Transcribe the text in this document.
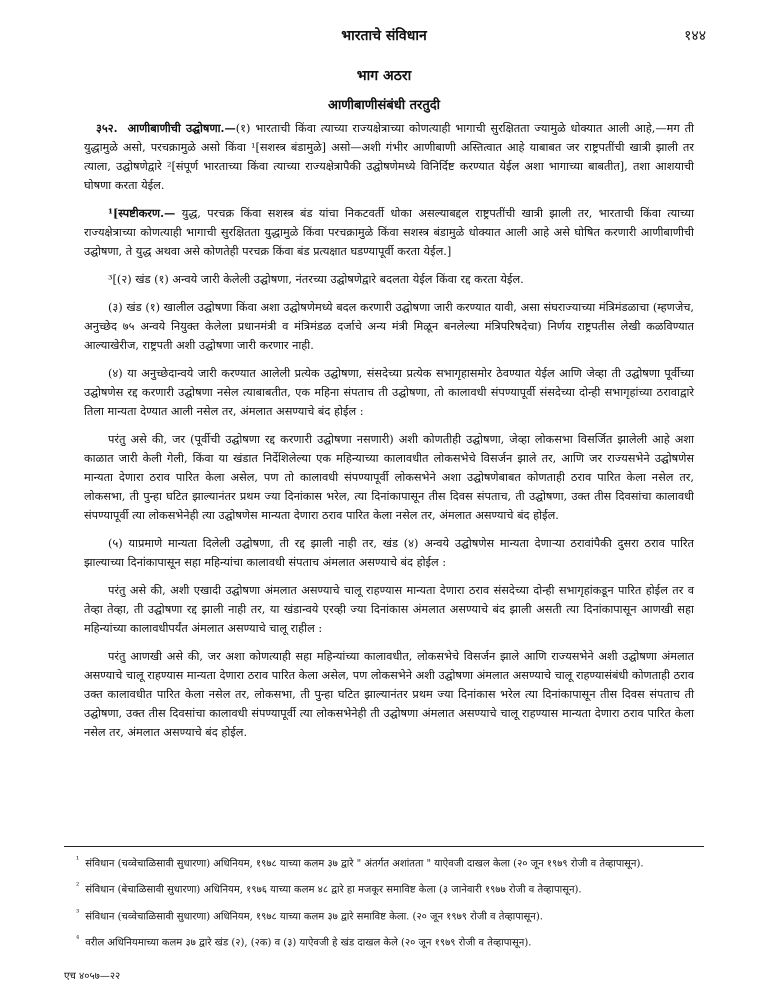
भारताचे संविधान	१४४
भाग अठरा
आणीबाणीसंबंधी तरतुदी

३५२. आणीबाणीची उद्घोषणा.—(१) भारताची किंवा त्याच्या राज्यक्षेत्राच्या कोणत्याही भागाची सुरक्षितता ज्यामुळे धोक्यात आली आहे,—मग ती युद्धामुळे असो, परचक्रामुळे असो किंवा ¹[सशस्त्र बंडामुळे] असो—अशी गंभीर आणीबाणी अस्तित्वात आहे याबाबत जर राष्ट्रपतींची खात्री झाली तर त्याला, उद्घोषणेद्वारे ²[संपूर्ण भारताच्या किंवा त्याच्या राज्यक्षेत्रापैकी उद्घोषणेमध्ये विनिर्दिष्ट करण्यात येईल अशा भागाच्या बाबतीत], तशा आशयाची घोषणा करता येईल.

¹[स्पष्टीकरण.— युद्ध, परचक्र किंवा सशस्त्र बंड यांचा निकटवर्ती धोका असल्याबद्दल राष्ट्रपतींची खात्री झाली तर, भारताची किंवा त्याच्या राज्यक्षेत्राच्या कोणत्याही भागाची सुरक्षितता युद्धामुळे किंवा परचक्रामुळे किंवा सशस्त्र बंडामुळे धोक्यात आली आहे असे घोषित करणारी आणीबाणीची उद्घोषणा, ते युद्ध अथवा असे कोणतेही परचक्र किंवा बंड प्रत्यक्षात घडण्यापूर्वी करता येईल.]

³[(२) खंड (१) अन्वये जारी केलेली उद्घोषणा, नंतरच्या उद्घोषणेद्वारे बदलता येईल किंवा रद्द करता येईल.

(३) खंड (१) खालील उद्घोषणा किंवा अशा उद्घोषणेमध्ये बदल करणारी उद्घोषणा जारी करण्यात यावी, असा संघराज्याच्या मंत्रिमंडळाचा (म्हणजेच, अनुच्छेद ७५ अन्वये नियुक्त केलेला प्रधानमंत्री व मंत्रिमंडळ दर्जाचे अन्य मंत्री मिळून बनलेल्या मंत्रिपरिषदेचा) निर्णय राष्ट्रपतीस लेखी कळविण्यात आल्याखेरीज, राष्ट्रपती अशी उद्घोषणा जारी करणार नाही.

(४) या अनुच्छेदान्वये जारी करण्यात आलेली प्रत्येक उद्घोषणा, संसदेच्या प्रत्येक सभागृहासमोर ठेवण्यात येईल आणि जेव्हा ती उद्घोषणा पूर्वीच्या उद्घोषणेस रद्द करणारी उद्घोषणा नसेल त्याबाबतीत, एक महिना संपताच ती उद्घोषणा, तो कालावधी संपण्यापूर्वी संसदेच्या दोन्ही सभागृहांच्या ठरावाद्वारे तिला मान्यता देण्यात आली नसेल तर, अंमलात असण्याचे बंद होईल :

परंतु असे की, जर (पूर्वीची उद्घोषणा रद्द करणारी उद्घोषणा नसणारी) अशी कोणतीही उद्घोषणा, जेव्हा लोकसभा विसर्जित झालेली आहे अशा काळात जारी केली गेली, किंवा या खंडात निर्देशिलेल्या एक महिन्याच्या कालावधीत लोकसभेचे विसर्जन झाले तर, आणि जर राज्यसभेने उद्घोषणेस मान्यता देणारा ठराव पारित केला असेल, पण तो कालावधी संपण्यापूर्वी लोकसभेने अशा उद्घोषणेबाबत कोणताही ठराव पारित केला नसेल तर, लोकसभा, ती पुन्हा घटित झाल्यानंतर प्रथम ज्या दिनांकास भरेल, त्या दिनांकापासून तीस दिवस संपताच, ती उद्घोषणा, उक्त तीस दिवसांचा कालावधी संपण्यापूर्वी त्या लोकसभेनेही त्या उद्घोषणेस मान्यता देणारा ठराव पारित केला नसेल तर, अंमलात असण्याचे बंद होईल.

(५) याप्रमाणे मान्यता दिलेली उद्घोषणा, ती रद्द झाली नाही तर, खंड (४) अन्वये उद्घोषणेस मान्यता देणाऱ्या ठरावांपैकी दुसरा ठराव पारित झाल्याच्या दिनांकापासून सहा महिन्यांचा कालावधी संपताच अंमलात असण्याचे बंद होईल :

परंतु असे की, अशी एखादी उद्घोषणा अंमलात असण्याचे चालू राहण्यास मान्यता देणारा ठराव संसदेच्या दोन्ही सभागृहांकडून पारित होईल तर व तेव्हा तेव्हा, ती उद्घोषणा रद्द झाली नाही तर, या खंडान्वये एरव्ही ज्या दिनांकास अंमलात असण्याचे बंद झाली असती त्या दिनांकापासून आणखी सहा महिन्यांच्या कालावधीपर्यंत अंमलात असण्याचे चालू राहील :

परंतु आणखी असे की, जर अशा कोणत्याही सहा महिन्यांच्या कालावधीत, लोकसभेचे विसर्जन झाले आणि राज्यसभेने अशी उद्घोषणा अंमलात असण्याचे चालू राहण्यास मान्यता देणारा ठराव पारित केला असेल, पण लोकसभेने अशी उद्घोषणा अंमलात असण्याचे चालू राहण्यासंबंधी कोणताही ठराव उक्त कालावधीत पारित केला नसेल तर, लोकसभा, ती पुन्हा घटित झाल्यानंतर प्रथम ज्या दिनांकास भरेल त्या दिनांकापासून तीस दिवस संपताच ती उद्घोषणा, उक्त तीस दिवसांचा कालावधी संपण्यापूर्वी त्या लोकसभेनेही ती उद्घोषणा अंमलात असण्याचे चालू राहण्यास मान्यता देणारा ठराव पारित केला नसेल तर, अंमलात असण्याचे बंद होईल.

$^{^1}$ संविधान (चव्वेचाळिसावी सुधारणा) अधिनियम, १९७८ याच्या कलम ३७ द्वारे " अंतर्गत अशांतता " याऐवजी दाखल केला (२० जून १९७९ रोजी व तेव्हापासून).
$^{^2}$ संविधान (बेचाळिसावी सुधारणा) अधिनियम, १९७६ याच्या कलम ४८ द्वारे हा मजकूर समाविष्ट केला (३ जानेवारी १९७७ रोजी व तेव्हापासून).
$^{^3}$ संविधान (चव्वेचाळिसावी सुधारणा) अधिनियम, १९७८ याच्या कलम ३७ द्वारे समाविष्ट केला. (२० जून १९७९ रोजी व तेव्हापासून).
$^{^4}$ वरील अधिनियमाच्या कलम ३७ द्वारे खंड (२), (२क) व (३) याऐवजी हे खंड दाखल केले (२० जून १९७९ रोजी व तेव्हापासून).
एच ४०५७—२२
